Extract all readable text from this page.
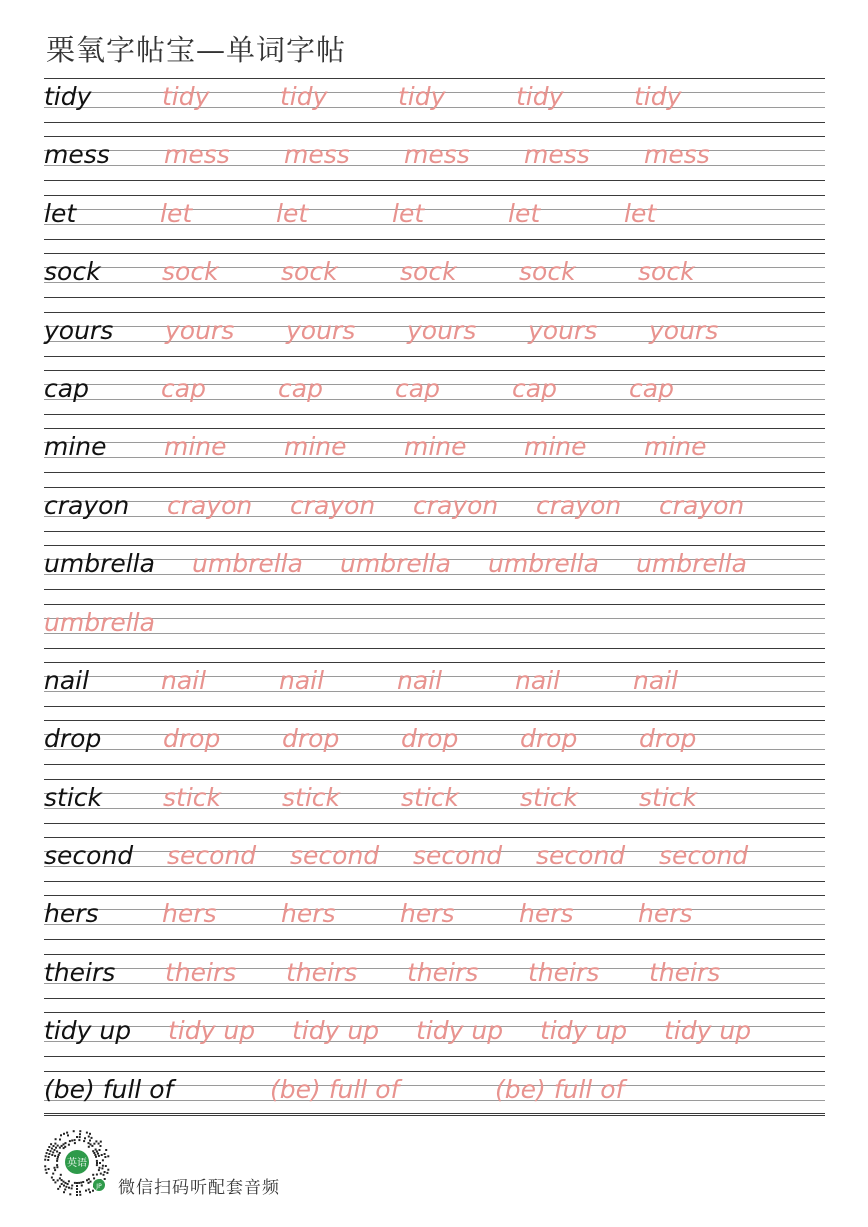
栗氧字帖宝—单词字帖
tidy	tidy	tidy	tidy	tidy	tidy
mess mess mess mess mess mess
let	let	let	let	let	let
sock sock sock sock sock sock
yours yours yours yours yours yours
cap	cap	cap	cap	cap	cap
mine mine mine mine mine mine
crayon crayon crayon crayon crayon crayon
umbrella umbrella umbrella umbrella umbrella
umbrella
nail	nail	nail	nail	nail	nail
drop drop drop drop drop drop
stick stick stick stick stick stick
second second second second second second
hers	hers	hers	hers	hers	hers
theirs theirs theirs theirs theirs theirs
tidy up tidy up tidy up tidy up tidy up tidy up
(be) full of	(be) full of	(be) full of
英语
JP 微信扫码听配套音频
